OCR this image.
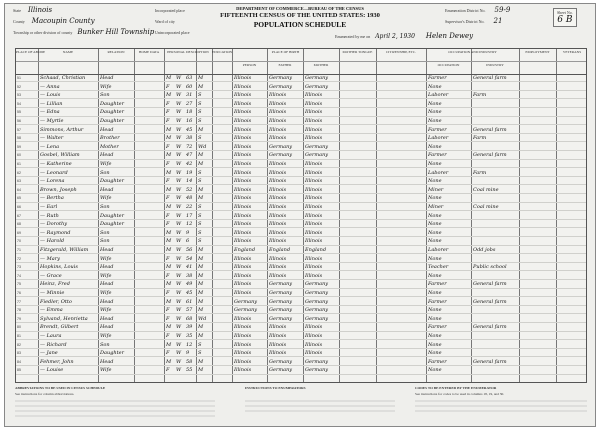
State Illinois
County Macoupin County
Township or other division of county Bunker Hill Township
Incorporated place
Ward of city
Unincorporated place
DEPARTMENT OF COMMERCE—BUREAU OF THE CENSUS
FIFTEENTH CENSUS OF THE UNITED STATES: 1930
POPULATION SCHEDULE
Enumeration District No. 59-9
Supervisor's District No. 21
Sheet No.
6 B
Enumerated by me on April 2, 1930 Helen Dewey
PLACE OF ABODE	NAME	RELATION	HOME DATA	PERSONAL DESCRIPTION EDUCATION	PLACE OF BIRTH
PERSON	FATHER	MOTHER
MOTHER TONGUE	CITIZENSHIP, ETC.	OCCUPATION AND INDUSTRY
OCCUPATION	INDUSTRY
EMPLOYMENT	VETERANS
51	Schaad, Christian	Head	M W 63	M	Illinois	Germany	Germany	Farmer	General farm
52	— Anna	Wife	F	W 60	M	Illinois	Germany	Germany	None
53	— Louis	Son	M W 31	S	Illinois	Illinois	Illinois	Laborer	Farm
54	— Lillian	Daughter	F	W 27	S	Illinois	Illinois	Illinois	None
55	— Edna	Daughter	F	W 18	S	Illinois	Illinois	Illinois	None
56	— Myrtle	Daughter	F	W 16	S	Illinois	Illinois	Illinois	None
57	Simmons, Arthur	Head	M W 45	M	Illinois	Illinois	Illinois	Farmer	General farm
58	— Walter	Brother	M W 38	S	Illinois	Illinois	Illinois	Laborer	Farm
59	— Lena	Mother	F	W 72	Wd	Illinois	Germany	Germany	None
60	Gosbel, William	Head	M W 47	M	Illinois	Germany	Germany	Farmer	General farm
61	— Katherine	Wife	F	W 42	M	Illinois	Illinois	Illinois	None
62	— Leonard	Son	M W 19	S	Illinois	Illinois	Illinois	Laborer	Farm
63	— Lorena	Daughter	F	W 14	S	Illinois	Illinois	Illinois	None
64	Brown, Joseph	Head	M W 52	M	Illinois	Illinois	Illinois	Miner	Coal mine
65	— Bertha	Wife	F	W 48	M	Illinois	Illinois	Illinois	None
66	— Earl	Son	M W 22	S	Illinois	Illinois	Illinois	Miner	Coal mine
67	— Ruth	Daughter	F	W 17	S	Illinois	Illinois	Illinois	None
68	— Dorothy	Daughter	F	W 12	S	Illinois	Illinois	Illinois	None
69	— Raymond	Son	M W 9	S	Illinois	Illinois	Illinois	None
70	— Harold	Son	M W 6	S	Illinois	Illinois	Illinois	None
71	Fitzgerald, William	Head	M W 56	M	England	England	England	Laborer	Odd jobs
72	— Mary	Wife	F	W 54	M	Illinois	Illinois	Illinois	None
73	Hopkins, Louis	Head	M W 41	M	Illinois	Illinois	Illinois	Teacher	Public school
74	— Grace	Wife	F	W 38	M	Illinois	Illinois	Illinois	None
75	Heinz, Fred	Head	M W 49	M	Illinois	Germany	Germany	Farmer	General farm
76	— Minnie	Wife	F	W 45	M	Illinois	Germany	Germany	None
77	Fiedler, Otto	Head	M W 61	M	Germany	Germany	Germany	Farmer	General farm
78	— Emma	Wife	F	W 57	M	Germany	Germany	Germany	None
79	Sylvand, Henrietta	Head	F	W 68	Wd	Illinois	Germany	Germany	None
80	Brendt, Gilbert	Head	M W 39	M	Illinois	Illinois	Illinois	Farmer	General farm
81	— Laura	Wife	F	W 35	M	Illinois	Illinois	Illinois	None
82	— Richard	Son	M W 12	S	Illinois	Illinois	Illinois	None
83	— Jane	Daughter	F	W 9	S	Illinois	Illinois	Illinois	None
84	Fehmer, John	Head	M W 58	M	Illinois	Germany	Germany	Farmer	General farm
85	— Louise	Wife	F	W 55	M	Illinois	Germany	Germany	None
ABBREVIATIONS TO BE USED IN CENSUS SCHEDULE
See instructions for column abbreviations.
INSTRUCTIONS TO ENUMERATORS	CODES TO BE ENTERED BY THE ENUMERATOR
See instructions for codes to be used in columns 18, 19, and 30.
